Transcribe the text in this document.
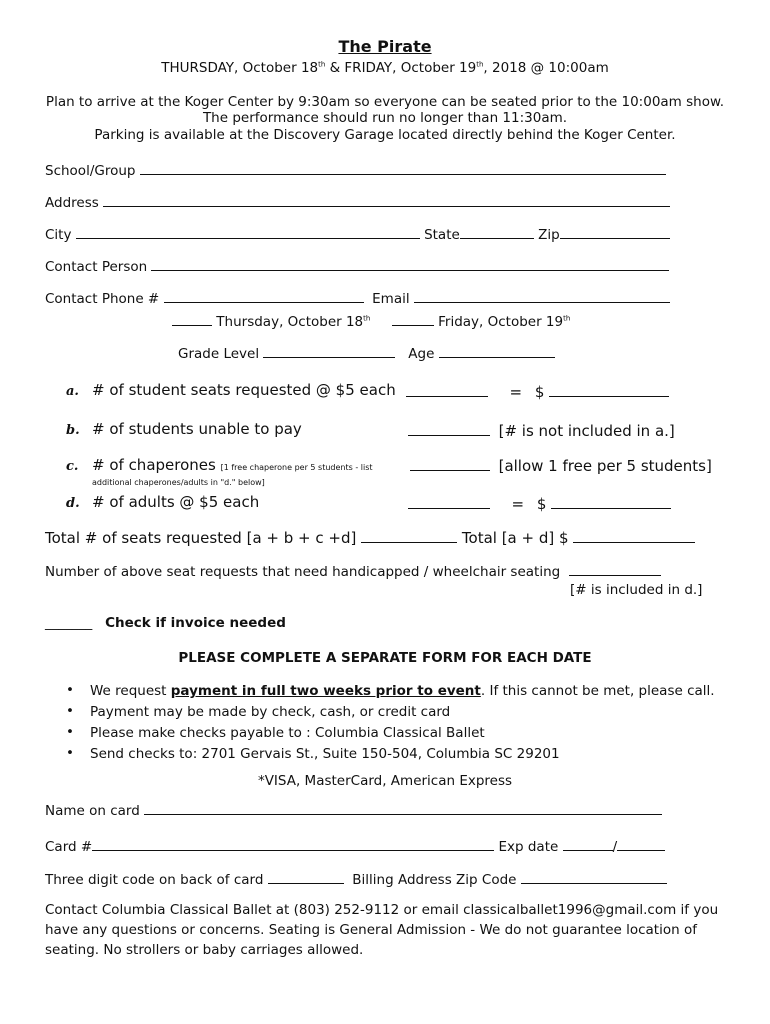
The Pirate
THURSDAY, October 18th & FRIDAY, October 19th, 2018 @ 10:00am
Plan to arrive at the Koger Center by 9:30am so everyone can be seated prior to the 10:00am show.
The performance should run no longer than 11:30am.
Parking is available at the Discovery Garage located directly behind the Koger Center.
School/Group
Address
City	State	Zip
Contact Person
Contact Phone #	Email
Thursday, October 18th	Friday, October 19th
Grade Level	Age
a. # of student seats requested @ $5 each	= $
b. # of students unable to pay	[# is not included in a.]
c. # of chaperones [1 free chaperone per 5 students - list
additional chaperones/adults in "d." below]
[allow 1 free per 5 students]
d. # of adults @ $5 each	= $
Total # of seats requested [a + b + c +d]	Total [a + d] $
Number of above seat requests that need handicapped / wheelchair seating
[# is included in d.]
_______ Check if invoice needed
PLEASE COMPLETE A SEPARATE FORM FOR EACH DATE
• We request payment in full two weeks prior to event. If this cannot be met, please call.
• Payment may be made by check, cash, or credit card
• Please make checks payable to : Columbia Classical Ballet
• Send checks to: 2701 Gervais St., Suite 150-504, Columbia SC 29201
*VISA, MasterCard, American Express
Name on card
Card #	Exp date	/
Three digit code on back of card	Billing Address Zip Code
Contact Columbia Classical Ballet at (803) 252-9112 or email classicalballet1996@gmail.com if you have any questions or concerns. Seating is General Admission - We do not guarantee location of seating. No strollers or baby carriages allowed.
